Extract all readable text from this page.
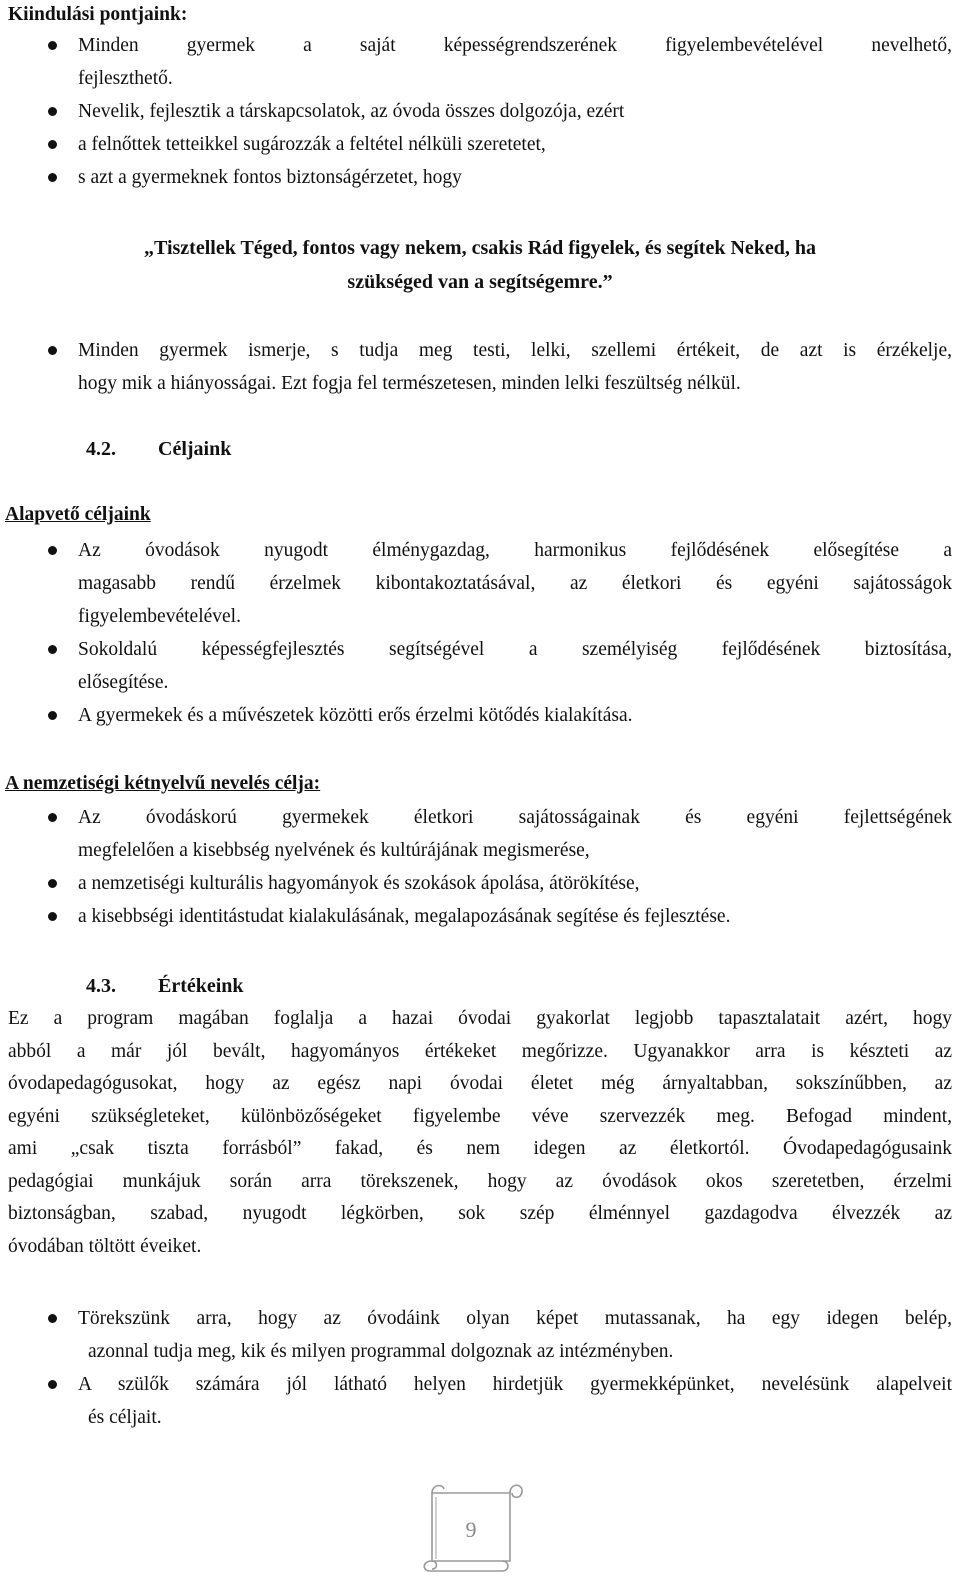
Kiindulási pontjaink:
Minden gyermek a saját képességrendszerének figyelembevételével nevelhető,
fejleszthető.
Nevelik, fejlesztik a társkapcsolatok, az óvoda összes dolgozója, ezért
a felnőttek tetteikkel sugározzák a feltétel nélküli szeretetet,
s azt a gyermeknek fontos biztonságérzetet, hogy
„Tisztellek Téged, fontos vagy nekem, csakis Rád figyelek, és segítek Neked, ha
szükséged van a segítségemre.”
Minden gyermek ismerje, s tudja meg testi, lelki, szellemi értékeit, de azt is érzékelje,
hogy mik a hiányosságai. Ezt fogja fel természetesen, minden lelki feszültség nélkül.
4.2. Céljaink
Alapvető céljaink
Az óvodások nyugodt élménygazdag, harmonikus fejlődésének elősegítése a
magasabb rendű érzelmek kibontakoztatásával, az életkori és egyéni sajátosságok
figyelembevételével.
Sokoldalú képességfejlesztés segítségével a személyiség fejlődésének biztosítása,
elősegítése.
A gyermekek és a művészetek közötti erős érzelmi kötődés kialakítása.
A nemzetiségi kétnyelvű nevelés célja:
Az óvodáskorú gyermekek életkori sajátosságainak és egyéni fejlettségének
megfelelően a kisebbség nyelvének és kultúrájának megismerése,
a nemzetiségi kulturális hagyományok és szokások ápolása, átörökítése,
a kisebbségi identitástudat kialakulásának, megalapozásának segítése és fejlesztése.
4.3. Értékeink
Ez a program magában foglalja a hazai óvodai gyakorlat legjobb tapasztalatait azért, hogy
abból a már jól bevált, hagyományos értékeket megőrizze. Ugyanakkor arra is készteti az
óvodapedagógusokat, hogy az egész napi óvodai életet még árnyaltabban, sokszínűbben, az
egyéni szükségleteket, különbözőségeket figyelembe véve szervezzék meg. Befogad mindent,
ami „csak tiszta forrásból” fakad, és nem idegen az életkortól. Óvodapedagógusaink
pedagógiai munkájuk során arra törekszenek, hogy az óvodások okos szeretetben, érzelmi
biztonságban, szabad, nyugodt légkörben, sok szép élménnyel gazdagodva élvezzék az
óvodában töltött éveiket.
Törekszünk arra, hogy az óvodáink olyan képet mutassanak, ha egy idegen belép,
azonnal tudja meg, kik és milyen programmal dolgoznak az intézményben.
A szülők számára jól látható helyen hirdetjük gyermekképünket, nevelésünk alapelveit
és céljait.
9
